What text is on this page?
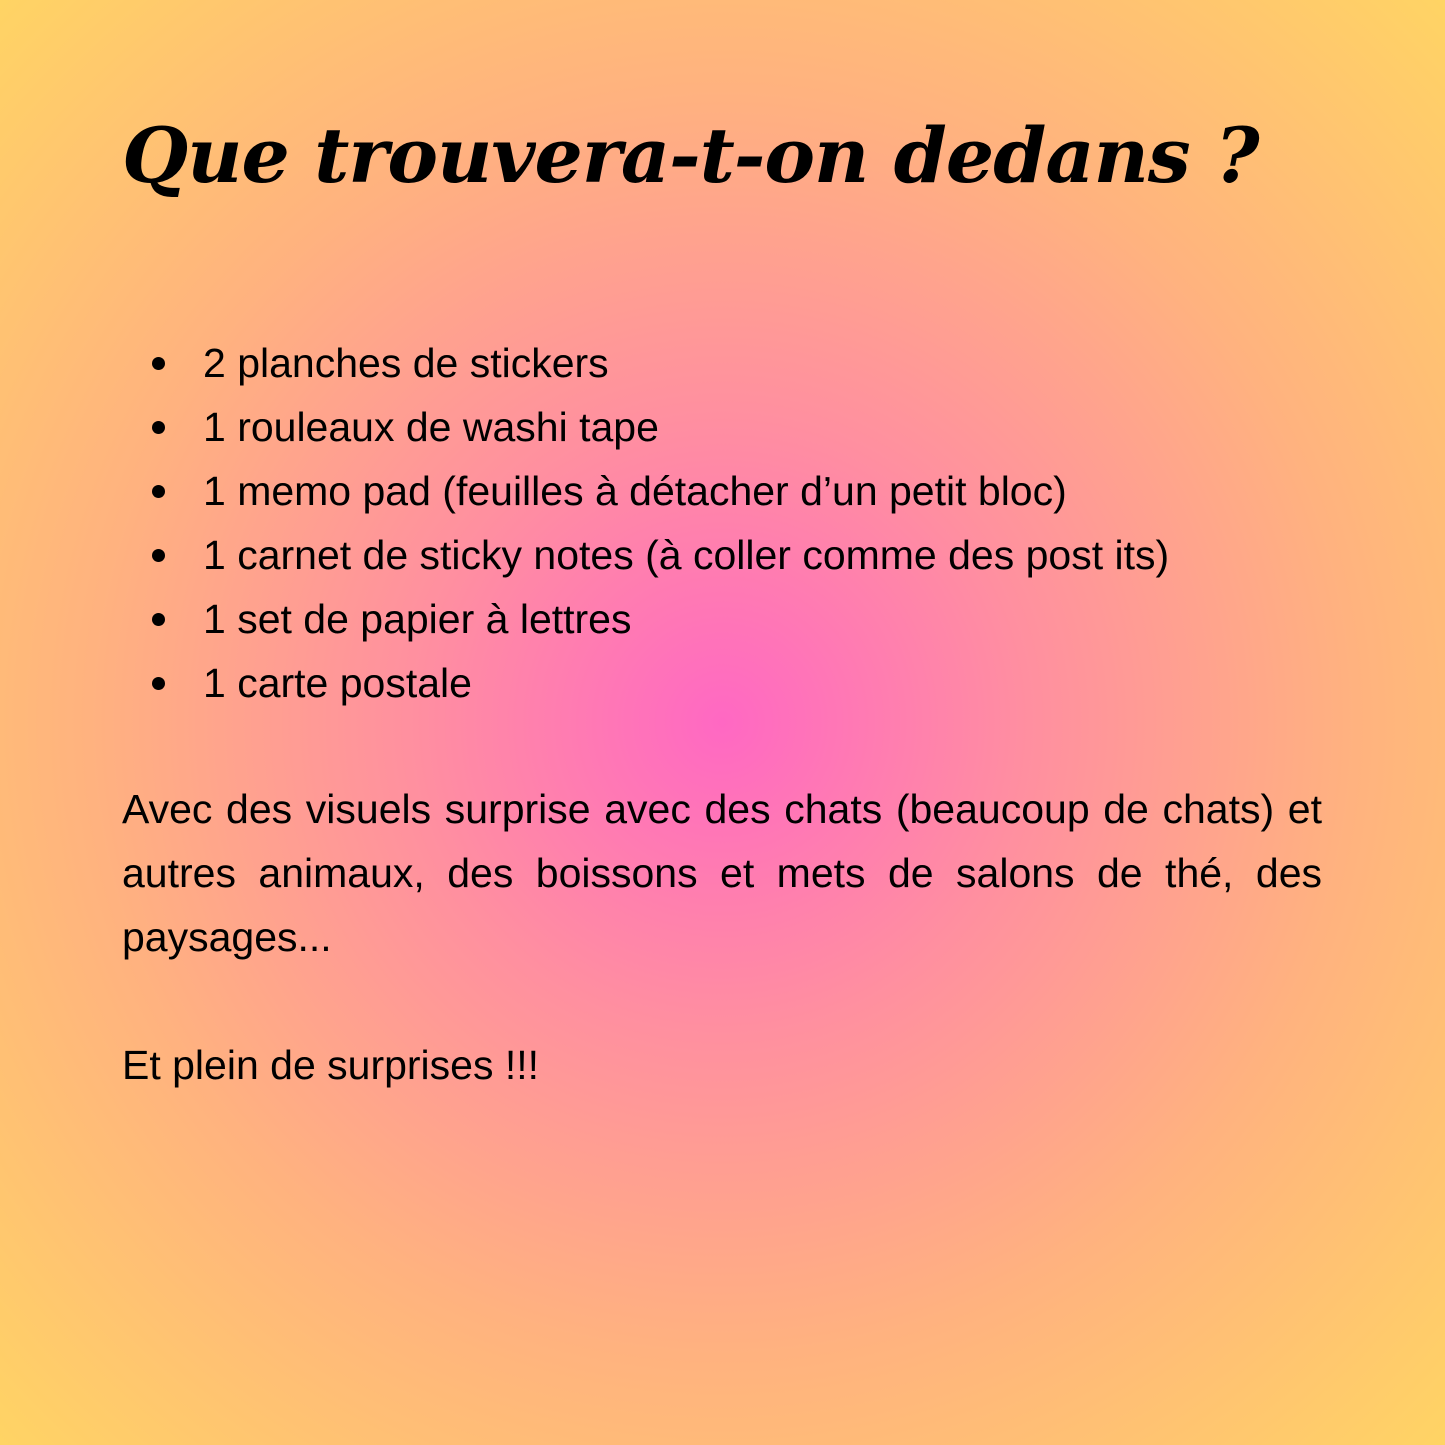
Que trouvera-t-on dedans ?
2 planches de stickers
1 rouleaux de washi tape
1 memo pad (feuilles à détacher d’un petit bloc)
1 carnet de sticky notes (à coller comme des post its)
1 set de papier à lettres
1 carte postale

Avec des visuels surprise avec des chats (beaucoup de chats) et autres animaux, des boissons et mets de salons de thé, des paysages...

Et plein de surprises !!!
